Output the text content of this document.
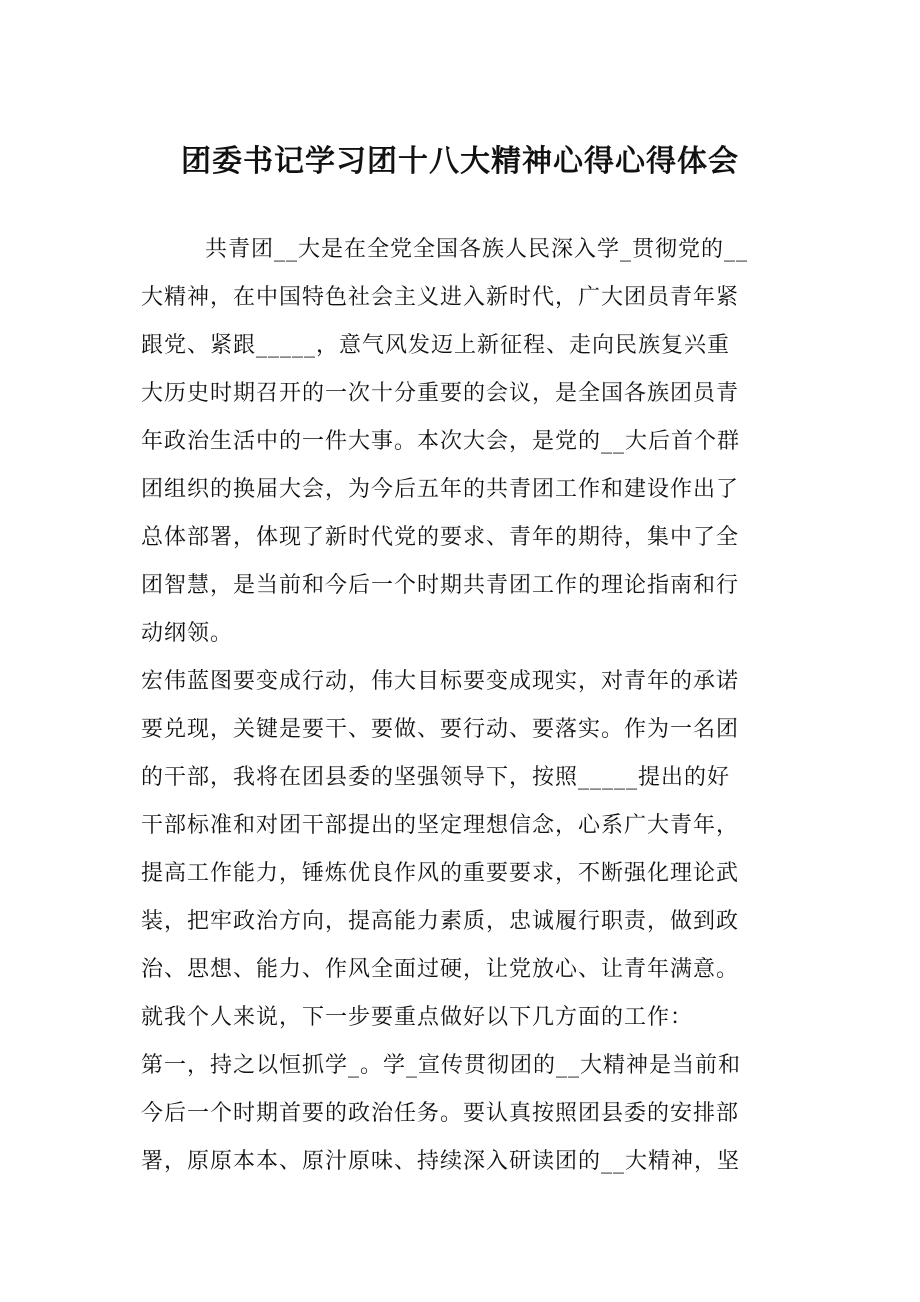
团委书记学习团十八大精神心得心得体会
共青团__大是在全党全国各族人民深入学_贯彻党的__
大精神，在中国特色社会主义进入新时代，广大团员青年紧
跟党、紧跟_____，意气风发迈上新征程、走向民族复兴重
大历史时期召开的一次十分重要的会议，是全国各族团员青
年政治生活中的一件大事。本次大会，是党的__大后首个群
团组织的换届大会，为今后五年的共青团工作和建设作出了
总体部署，体现了新时代党的要求、青年的期待，集中了全
团智慧，是当前和今后一个时期共青团工作的理论指南和行
动纲领。
宏伟蓝图要变成行动，伟大目标要变成现实，对青年的承诺
要兑现，关键是要干、要做、要行动、要落实。作为一名团
的干部，我将在团县委的坚强领导下，按照_____提出的好
干部标准和对团干部提出的坚定理想信念，心系广大青年，
提高工作能力，锤炼优良作风的重要要求，不断强化理论武
装，把牢政治方向，提高能力素质，忠诚履行职责，做到政
治、思想、能力、作风全面过硬，让党放心、让青年满意。
就我个人来说，下一步要重点做好以下几方面的工作：
第一，持之以恒抓学_。学_宣传贯彻团的__大精神是当前和
今后一个时期首要的政治任务。要认真按照团县委的安排部
署，原原本本、原汁原味、持续深入研读团的__大精神，坚
